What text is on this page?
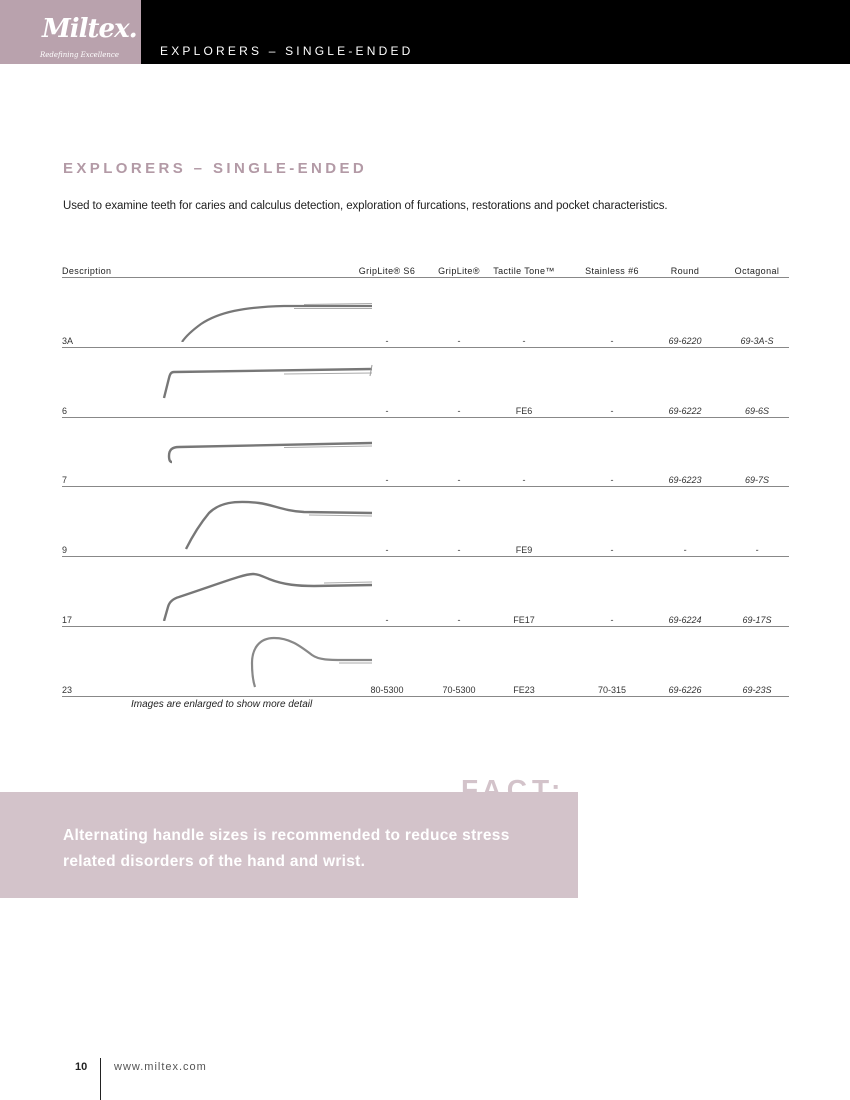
Miltex.
Redefining Excellence	EXPLORERS – SINGLE-ENDED
EXPLORERS – SINGLE-ENDED
Used to examine teeth for caries and calculus detection, exploration of furcations, restorations and pocket characteristics.
Description	GripLite® S6	GripLite®	Tactile Tone™	Stainless #6	Round	Octagonal
3A	-	-	-	-	69-6220	69-3A-S
6	-	-	FE6	-	69-6222	69-6S
7	-	-	-	-	69-6223	69-7S
9	-	-	FE9	-	-	-
17	-	-	FE17	-	69-6224	69-17S
23	80-5300	70-5300	FE23	70-315	69-6226	69-23S
Images are enlarged to show more detail
FACT:
Alternating handle sizes is recommended to reduce stress related disorders of the hand and wrist.
10 www.miltex.com
